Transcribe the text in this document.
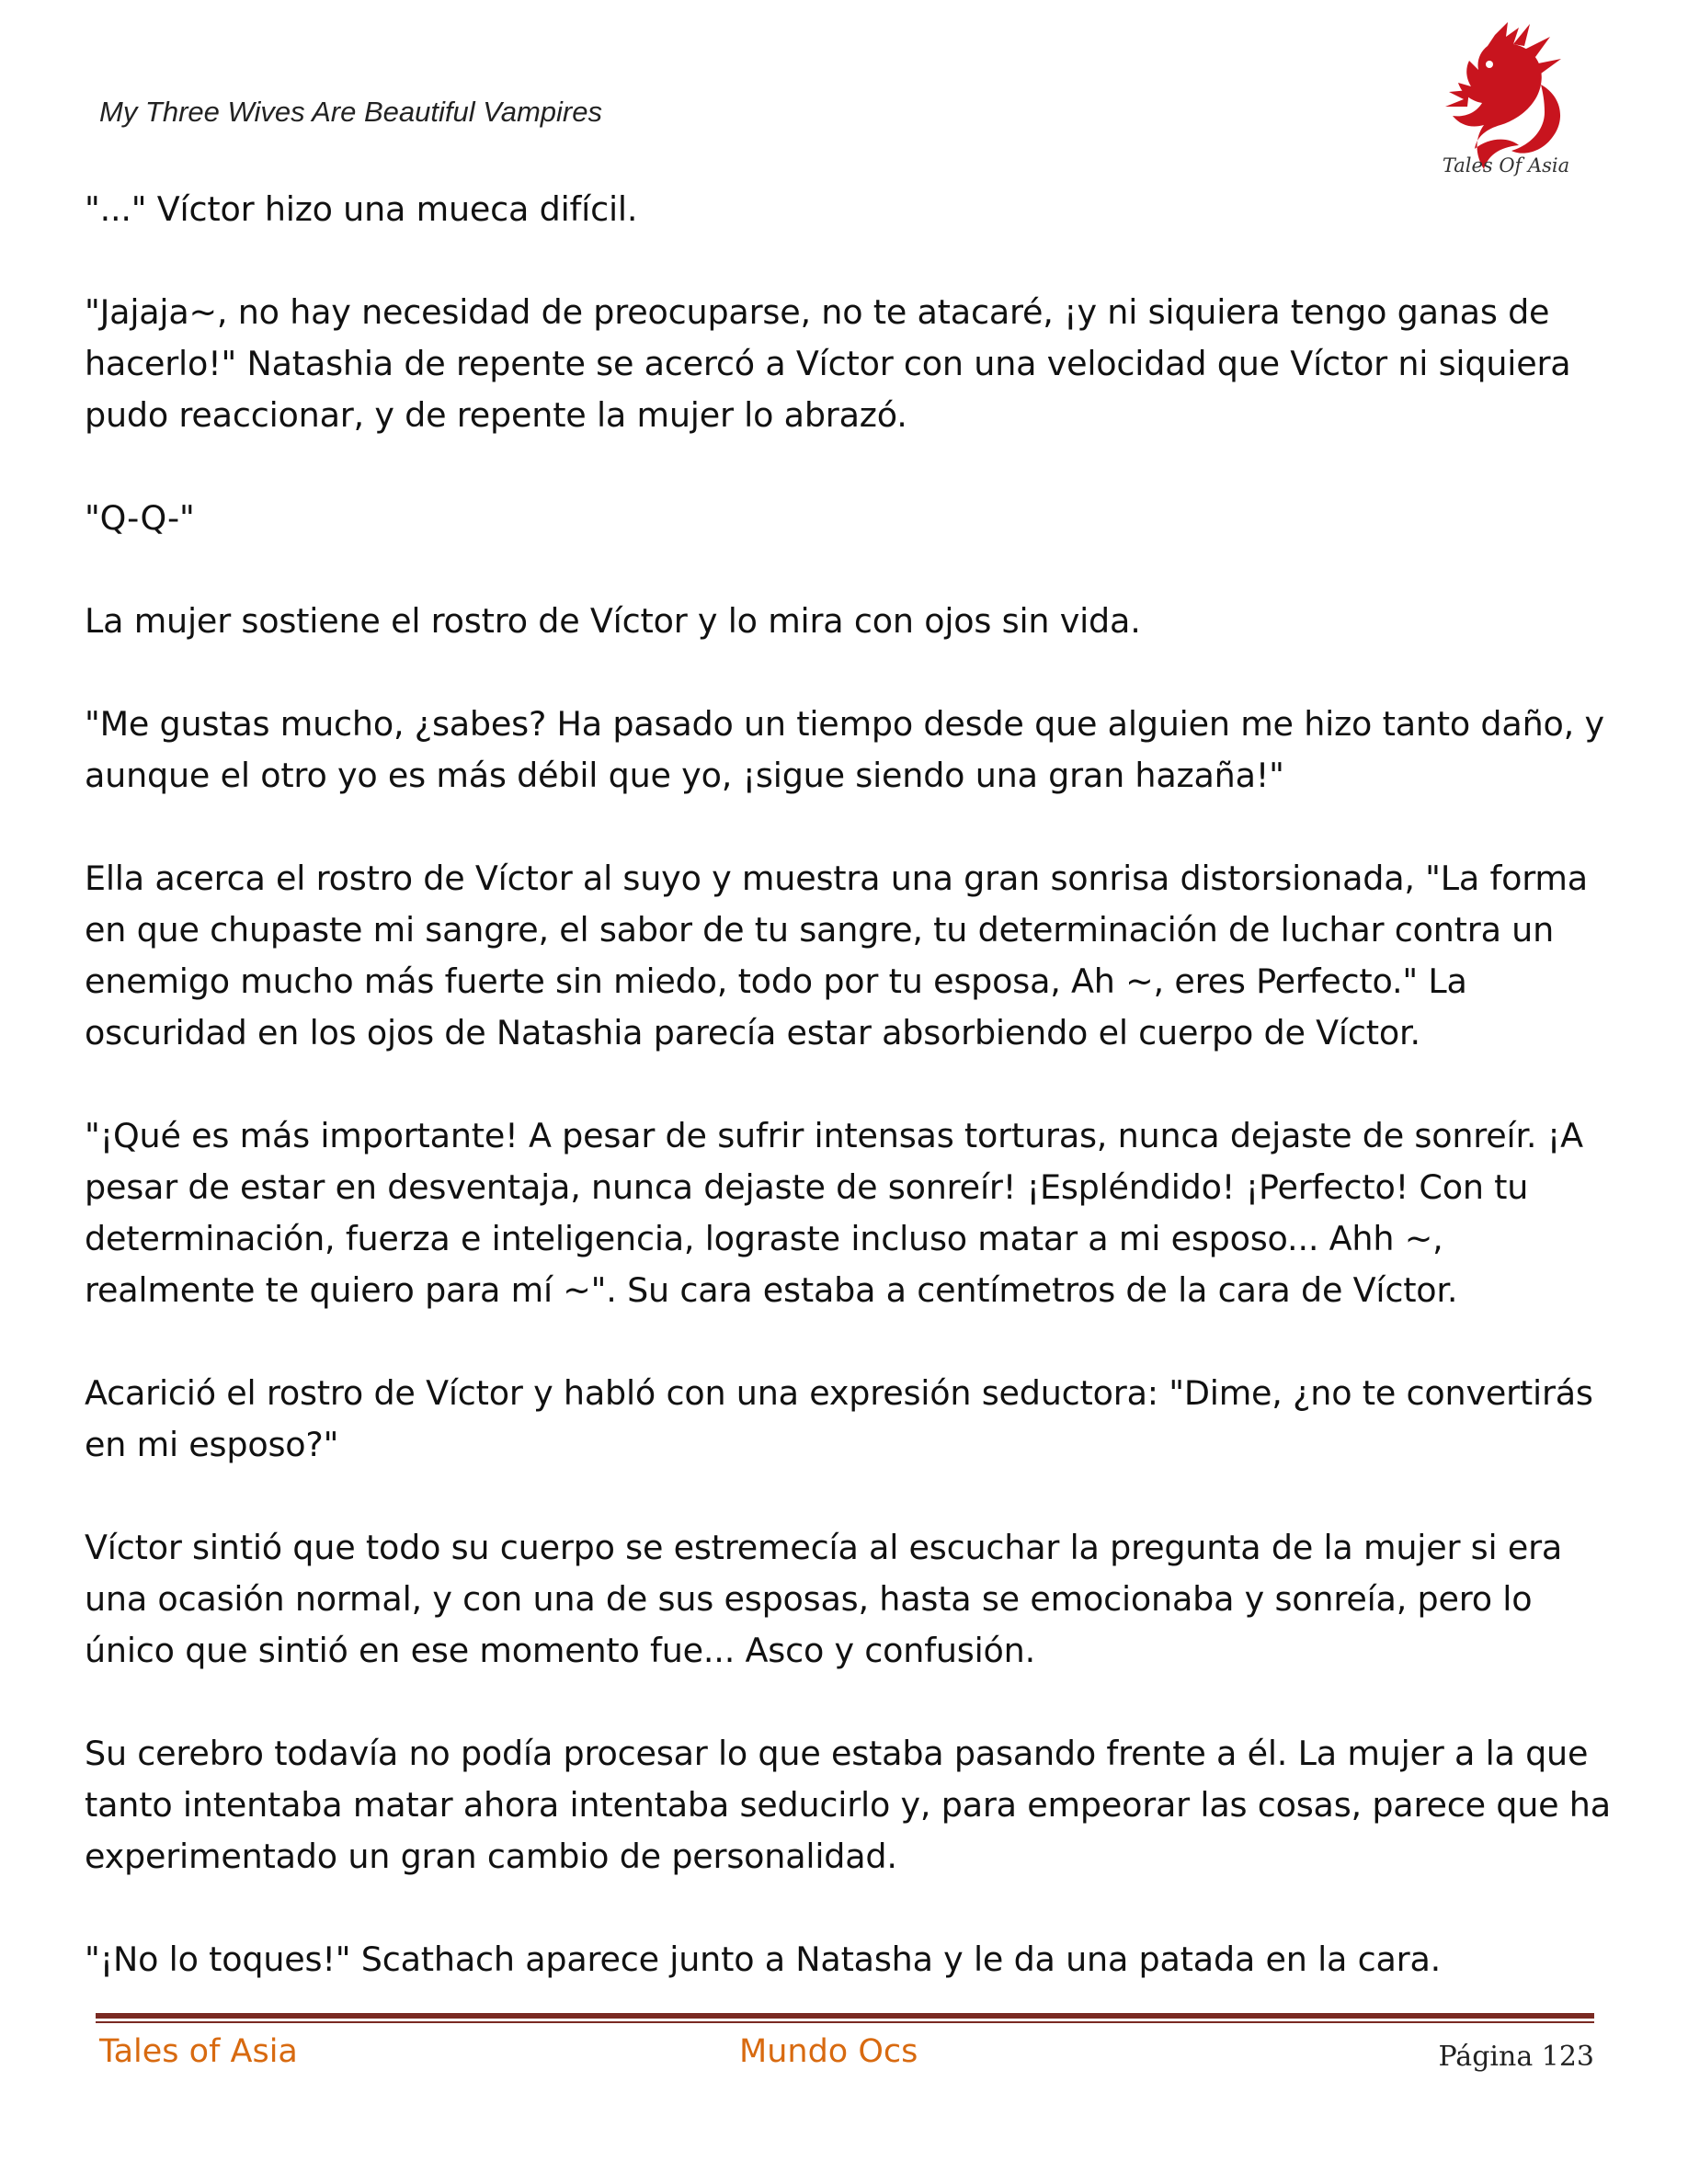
My Three Wives Are Beautiful Vampires
Tales Of Asia

"..." Víctor hizo una mueca difícil.

"Jajaja~, no hay necesidad de preocuparse, no te atacaré, ¡y ni siquiera tengo ganas de hacerlo!" Natashia de repente se acercó a Víctor con una velocidad que Víctor ni siquiera pudo reaccionar, y de repente la mujer lo abrazó.

"Q-Q-"

La mujer sostiene el rostro de Víctor y lo mira con ojos sin vida.

"Me gustas mucho, ¿sabes? Ha pasado un tiempo desde que alguien me hizo tanto daño, y aunque el otro yo es más débil que yo, ¡sigue siendo una gran hazaña!"

Ella acerca el rostro de Víctor al suyo y muestra una gran sonrisa distorsionada, "La forma en que chupaste mi sangre, el sabor de tu sangre, tu determinación de luchar contra un enemigo mucho más fuerte sin miedo, todo por tu esposa, Ah ~, eres Perfecto." La oscuridad en los ojos de Natashia parecía estar absorbiendo el cuerpo de Víctor.

"¡Qué es más importante! A pesar de sufrir intensas torturas, nunca dejaste de sonreír. ¡A pesar de estar en desventaja, nunca dejaste de sonreír! ¡Espléndido! ¡Perfecto! Con tu determinación, fuerza e inteligencia, lograste incluso matar a mi esposo... Ahh ~, realmente te quiero para mí ~". Su cara estaba a centímetros de la cara de Víctor.

Acarició el rostro de Víctor y habló con una expresión seductora: "Dime, ¿no te convertirás en mi esposo?"

Víctor sintió que todo su cuerpo se estremecía al escuchar la pregunta de la mujer si era una ocasión normal, y con una de sus esposas, hasta se emocionaba y sonreía, pero lo único que sintió en ese momento fue... Asco y confusión.

Su cerebro todavía no podía procesar lo que estaba pasando frente a él. La mujer a la que tanto intentaba matar ahora intentaba seducirlo y, para empeorar las cosas, parece que ha experimentado un gran cambio de personalidad.

"¡No lo toques!" Scathach aparece junto a Natasha y le da una patada en la cara.

Tales of Asia	Mundo Ocs	Página 123
